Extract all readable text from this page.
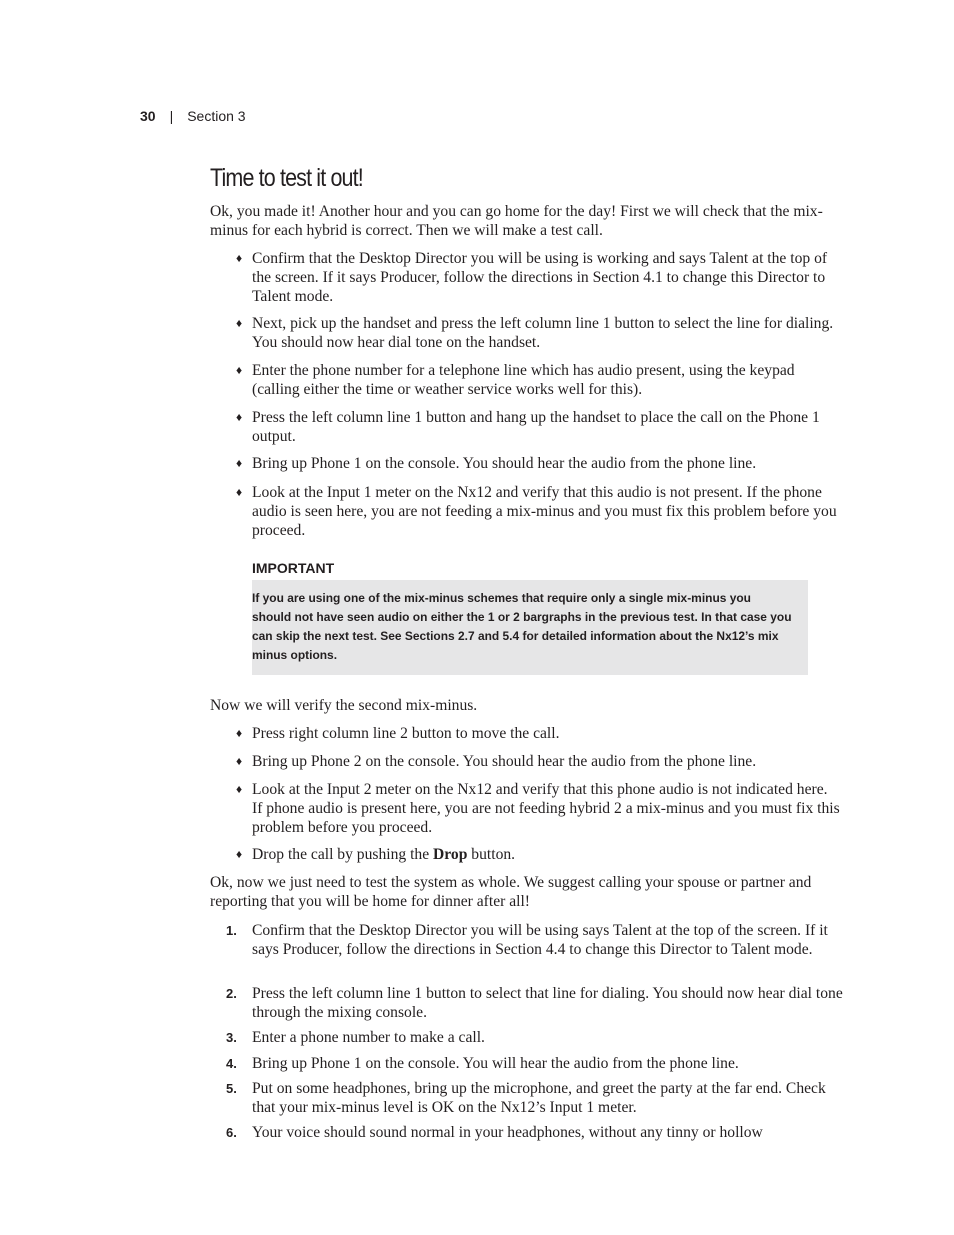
30 | Section 3
Time to test it out!

Ok, you made it! Another hour and you can go home for the day! First we will check that the mix-minus for each hybrid is correct. Then we will make a test call.

♦ Confirm that the Desktop Director you will be using is working and says Talent at the top of the screen. If it says Producer, follow the directions in Section 4.1 to change this Director to Talent mode.
♦ Next, pick up the handset and press the left column line 1 button to select the line for dialing. You should now hear dial tone on the handset.
♦ Enter the phone number for a telephone line which has audio present, using the keypad (calling either the time or weather service works well for this).
♦ Press the left column line 1 button and hang up the handset to place the call on the Phone 1 output.
♦ Bring up Phone 1 on the console. You should hear the audio from the phone line.
♦ Look at the Input 1 meter on the Nx12 and verify that this audio is not present. If the phone audio is seen here, you are not feeding a mix-minus and you must fix this problem before you proceed.
IMPORTANT
If you are using one of the mix-minus schemes that require only a single mix-minus you should not have seen audio on either the 1 or 2 bargraphs in the previous test. In that case you can skip the next test. See Sections 2.7 and 5.4 for detailed information about the Nx12’s mix minus options.

Now we will verify the second mix-minus.

♦ Press right column line 2 button to move the call.
♦ Bring up Phone 2 on the console. You should hear the audio from the phone line.
♦ Look at the Input 2 meter on the Nx12 and verify that this phone audio is not indicated here. If phone audio is present here, you are not feeding hybrid 2 a mix-minus and you must fix this problem before you proceed.
♦ Drop the call by pushing the Drop button.

Ok, now we just need to test the system as whole. We suggest calling your spouse or partner and reporting that you will be home for dinner after all!

1. Confirm that the Desktop Director you will be using says Talent at the top of the screen. If it says Producer, follow the directions in Section 4.4 to change this Director to Talent mode.
2. Press the left column line 1 button to select that line for dialing. You should now hear dial tone through the mixing console.
3. Enter a phone number to make a call.
4. Bring up Phone 1 on the console. You will hear the audio from the phone line.
5. Put on some headphones, bring up the microphone, and greet the party at the far end. Check that your mix-minus level is OK on the Nx12’s Input 1 meter.
6. Your voice should sound normal in your headphones, without any tinny or hollow
